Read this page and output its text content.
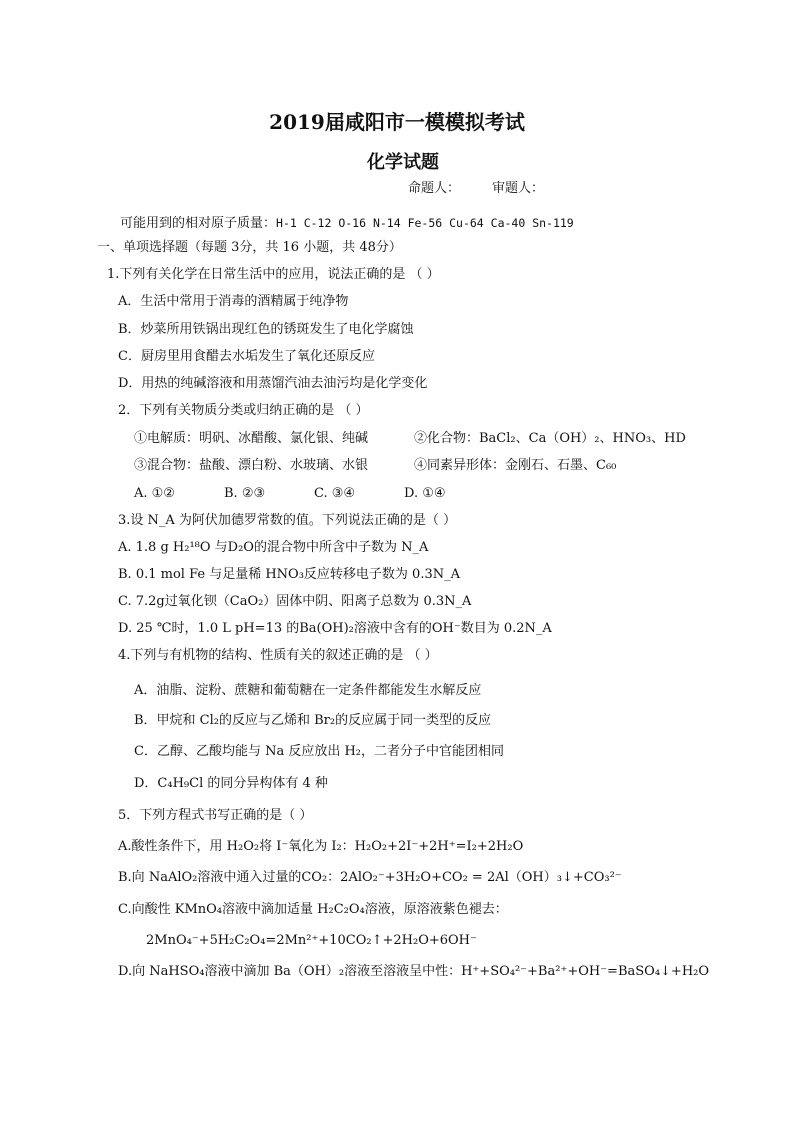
2019届咸阳市一模模拟考试
化学试题
命题人： 审题人：
可能用到的相对原子质量：H-1 C-12 O-16 N-14 Fe-56 Cu-64 Ca-40 Sn-119
一、单项选择题（每题 3分，共 16 小题，共 48分）
1.下列有关化学在日常生活中的应用，说法正确的是 （ ）
A．生活中常用于消毒的酒精属于纯净物
B．炒菜所用铁锅出现红色的锈斑发生了电化学腐蚀
C．厨房里用食醋去水垢发生了氧化还原反应
D．用热的纯碱溶液和用蒸馏汽油去油污均是化学变化
2．下列有关物质分类或归纳正确的是 （ ）
①电解质：明矾、冰醋酸、氯化银、纯碱	②化合物：BaCl₂、Ca（OH）₂、HNO₃、HD
③混合物：盐酸、漂白粉、水玻璃、水银	④同素异形体：金刚石、石墨、C₆₀
A. ①②	B. ②③	C. ③④	D. ①④
3.设 N_A 为阿伏加德罗常数的值。下列说法正确的是（ ）
A. 1.8 g H₂¹⁸O 与D₂O的混合物中所含中子数为 N_A
B. 0.1 mol Fe 与足量稀 HNO₃反应转移电子数为 0.3N_A
C. 7.2g过氧化钡（CaO₂）固体中阴、阳离子总数为 0.3N_A
D. 25 ℃时，1.0 L pH=13 的Ba(OH)₂溶液中含有的OH⁻数目为 0.2N_A
4.下列与有机物的结构、性质有关的叙述正确的是 （ ）
A．油脂、淀粉、蔗糖和葡萄糖在一定条件都能发生水解反应
B．甲烷和 Cl₂的反应与乙烯和 Br₂的反应属于同一类型的反应
C．乙醇、乙酸均能与 Na 反应放出 H₂，二者分子中官能团相同
D．C₄H₉Cl 的同分异构体有 4 种
5．下列方程式书写正确的是（ ）
A.酸性条件下，用 H₂O₂将 I⁻氧化为 I₂：H₂O₂+2I⁻+2H⁺=I₂+2H₂O
B.向 NaAlO₂溶液中通入过量的CO₂：2AlO₂⁻+3H₂O+CO₂ = 2Al（OH）₃↓+CO₃²⁻
C.向酸性 KMnO₄溶液中滴加适量 H₂C₂O₄溶液，原溶液紫色褪去：
2MnO₄⁻+5H₂C₂O₄=2Mn²⁺+10CO₂↑+2H₂O+6OH⁻
D.向 NaHSO₄溶液中滴加 Ba（OH）₂溶液至溶液呈中性：H⁺+SO₄²⁻+Ba²⁺+OH⁻=BaSO₄↓+H₂O
